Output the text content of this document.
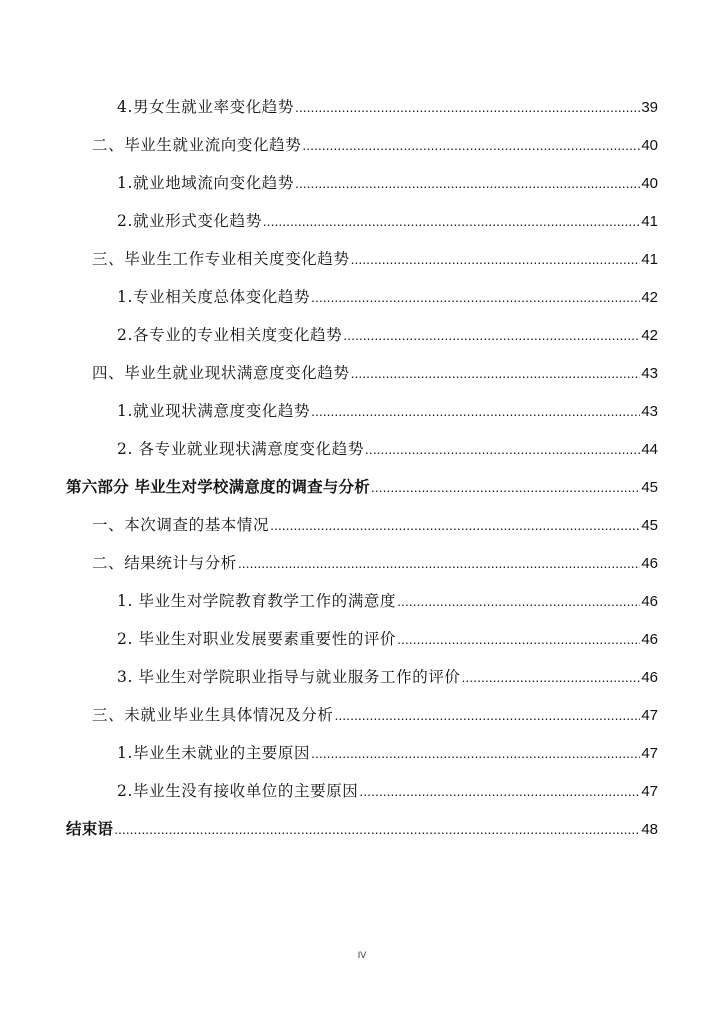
4.男女生就业率变化趋势 .....	39
二、毕业生就业流向变化趋势 .....	40
1.就业地域流向变化趋势 .....	40
2.就业形式变化趋势 .....	41
三、毕业生工作专业相关度变化趋势 .....	41
1.专业相关度总体变化趋势 .....	42
2.各专业的专业相关度变化趋势 .....	42
四、毕业生就业现状满意度变化趋势 .....	43
1.就业现状满意度变化趋势 .....	43
2. 各专业就业现状满意度变化趋势 .....	44
第六部分 毕业生对学校满意度的调查与分析 .....	45
一、本次调查的基本情况 .....	45
二、结果统计与分析 .....	46
1. 毕业生对学院教育教学工作的满意度 .....	46
2. 毕业生对职业发展要素重要性的评价 .....	46
3. 毕业生对学院职业指导与就业服务工作的评价 .....	46
三、未就业毕业生具体情况及分析 .....	47
1.毕业生未就业的主要原因 .....	47
2.毕业生没有接收单位的主要原因 .....	47
结束语 .....	48
IV
